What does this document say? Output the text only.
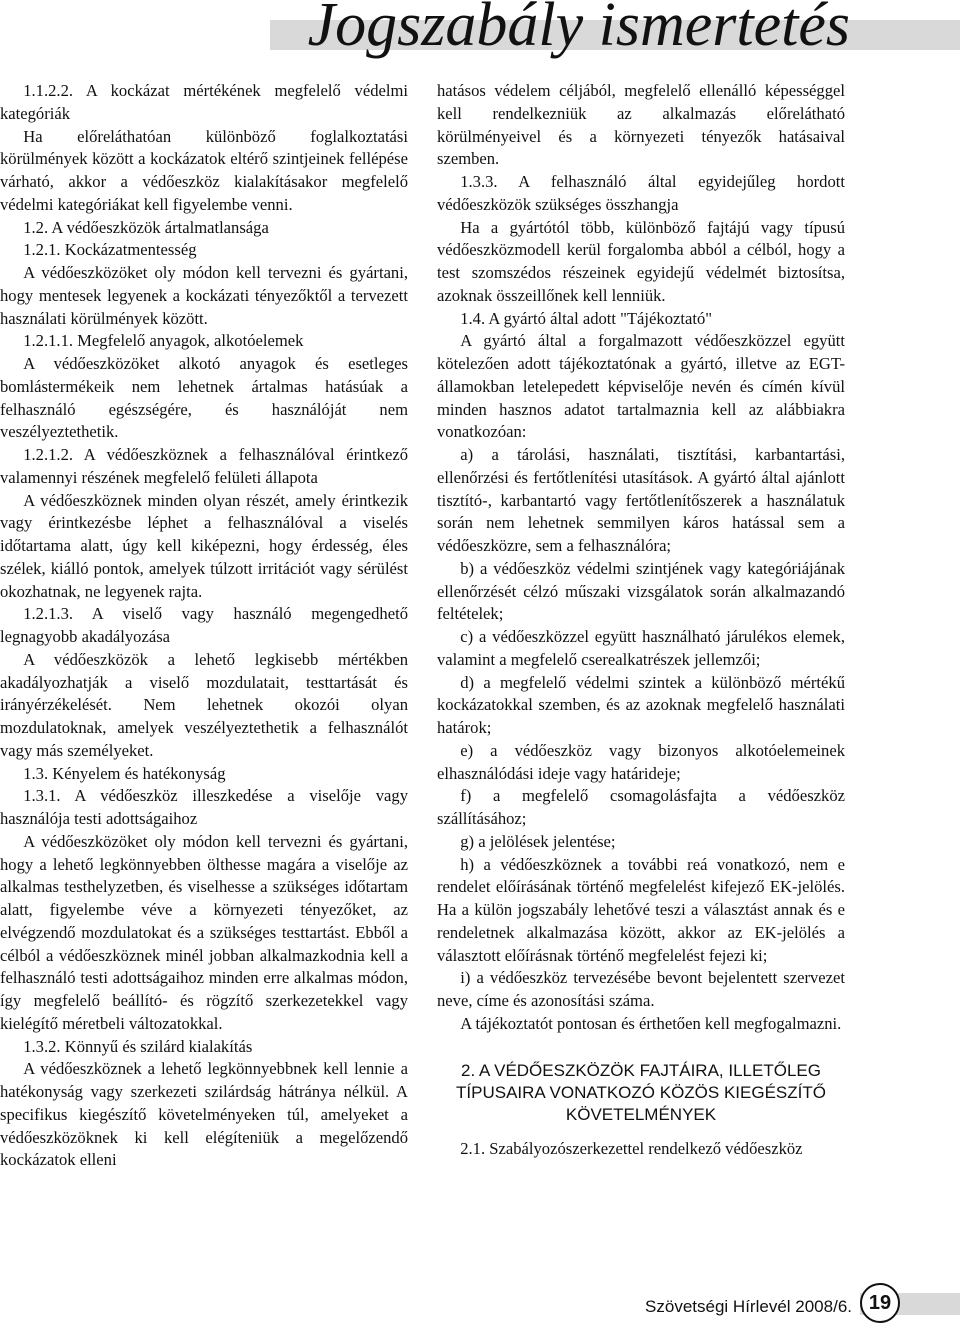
Jogszabály ismertetés

1.1.2.2. A kockázat mértékének megfelelő védelmi kategóriák

Ha előreláthatóan különböző foglalkoztatási körülmények között a kockázatok eltérő szintjeinek fellépése várható, akkor a védőeszköz kialakításakor megfelelő védelmi kategóriákat kell figyelembe venni.

1.2. A védőeszközök ártalmatlansága

1.2.1. Kockázatmentesség

A védőeszközöket oly módon kell tervezni és gyártani, hogy mentesek legyenek a kockázati tényezőktől a tervezett használati körülmények között.

1.2.1.1. Megfelelő anyagok, alkotóelemek

A védőeszközöket alkotó anyagok és esetleges bomlástermékeik nem lehetnek ártalmas hatásúak a felhasználó egészségére, és használóját nem veszélyeztethetik.

1.2.1.2. A védőeszköznek a felhasználóval érintkező valamennyi részének megfelelő felületi állapota

A védőeszköznek minden olyan részét, amely érintkezik vagy érintkezésbe léphet a felhasználóval a viselés időtartama alatt, úgy kell kiképezni, hogy érdesség, éles szélek, kiálló pontok, amelyek túlzott irritációt vagy sérülést okozhatnak, ne legyenek rajta.

1.2.1.3. A viselő vagy használó megengedhető legnagyobb akadályozása

A védőeszközök a lehető legkisebb mértékben akadályozhatják a viselő mozdulatait, testtartását és irányérzékelését. Nem lehetnek okozói olyan mozdulatoknak, amelyek veszélyeztethetik a felhasználót vagy más személyeket.

1.3. Kényelem és hatékonyság

1.3.1. A védőeszköz illeszkedése a viselője vagy használója testi adottságaihoz

A védőeszközöket oly módon kell tervezni és gyártani, hogy a lehető legkönnyebben ölthesse magára a viselője az alkalmas testhelyzetben, és viselhesse a szükséges időtartam alatt, figyelembe véve a környezeti tényezőket, az elvégzendő mozdulatokat és a szükséges testtartást. Ebből a célból a védőeszköznek minél jobban alkalmazkodnia kell a felhasználó testi adottságaihoz minden erre alkalmas módon, így megfelelő beállító- és rögzítő szerkezetekkel vagy kielégítő méretbeli változatokkal.

1.3.2. Könnyű és szilárd kialakítás

A védőeszköznek a lehető legkönnyebbnek kell lennie a hatékonyság vagy szerkezeti szilárdság hátránya nélkül. A specifikus kiegészítő követelményeken túl, amelyeket a védőeszközöknek ki kell elégíteniük a megelőzendő kockázatok elleni

hatásos védelem céljából, megfelelő ellenálló képességgel kell rendelkezniük az alkalmazás előrelátható körülményeivel és a környezeti tényezők hatásaival szemben.

1.3.3. A felhasználó által egyidejűleg hordott védőeszközök szükséges összhangja

Ha a gyártótól több, különböző fajtájú vagy típusú védőeszközmodell kerül forgalomba abból a célból, hogy a test szomszédos részeinek egyidejű védelmét biztosítsa, azoknak összeillőnek kell lenniük.

1.4. A gyártó által adott "Tájékoztató"

A gyártó által a forgalmazott védőeszközzel együtt kötelezően adott tájékoztatónak a gyártó, illetve az EGT-államokban letelepedett képviselője nevén és címén kívül minden hasznos adatot tartalmaznia kell az alábbiakra vonatkozóan:

a) a tárolási, használati, tisztítási, karbantartási, ellenőrzési és fertőtlenítési utasítások. A gyártó által ajánlott tisztító-, karbantartó vagy fertőtlenítőszerek a használatuk során nem lehetnek semmilyen káros hatással sem a védőeszközre, sem a felhasználóra;

b) a védőeszköz védelmi szintjének vagy kategóriájának ellenőrzését célzó műszaki vizsgálatok során alkalmazandó feltételek;

c) a védőeszközzel együtt használható járulékos elemek, valamint a megfelelő cserealkatrészek jellemzői;

d) a megfelelő védelmi szintek a különböző mértékű kockázatokkal szemben, és az azoknak megfelelő használati határok;

e) a védőeszköz vagy bizonyos alkotóelemeinek elhasználódási ideje vagy határideje;

f) a megfelelő csomagolásfajta a védőeszköz szállításához;

g) a jelölések jelentése;

h) a védőeszköznek a további reá vonatkozó, nem e rendelet előírásának történő megfelelést kifejező EK-jelölés. Ha a külön jogszabály lehetővé teszi a választást annak és e rendeletnek alkalmazása között, akkor az EK-jelölés a választott előírásnak történő megfelelést fejezi ki;

i) a védőeszköz tervezésébe bevont bejelentett szervezet neve, címe és azonosítási száma.

A tájékoztatót pontosan és érthetően kell megfogalmazni.

2. A VÉDŐESZKÖZÖK FAJTÁIRA, ILLETŐLEG TÍPUSAIRA VONATKOZÓ KÖZÖS KIEGÉSZÍTŐ KÖVETELMÉNYEK

2.1. Szabályozószerkezettel rendelkező védőeszköz

Szövetségi Hírlevél 2008/6. 19
